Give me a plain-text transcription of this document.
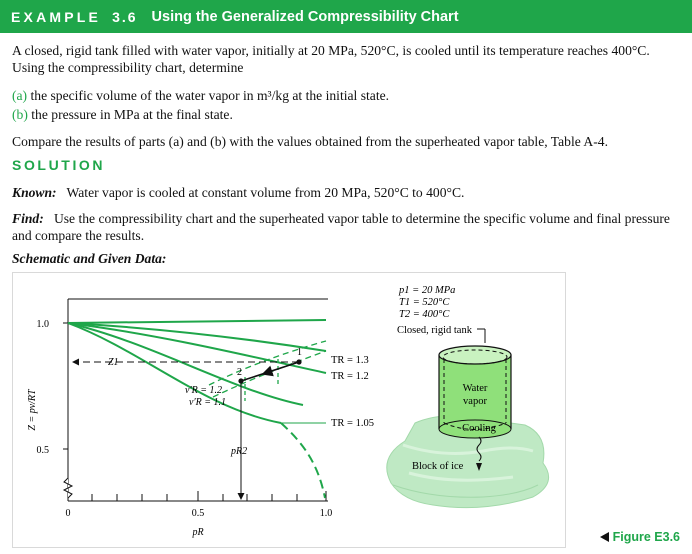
EXAMPLE 3.6 Using the Generalized Compressibility Chart
A closed, rigid tank filled with water vapor, initially at 20 MPa, 520°C, is cooled until its temperature reaches 400°C. Using the compressibility chart, determine
(a) the specific volume of the water vapor in m³/kg at the initial state.
(b) the pressure in MPa at the final state.
Compare the results of parts (a) and (b) with the values obtained from the superheated vapor table, Table A-4.
SOLUTION
Known: Water vapor is cooled at constant volume from 20 MPa, 520°C to 400°C.
Find: Use the compressibility chart and the superheated vapor table to determine the specific volume and final pressure and compare the results.
Schematic and Given Data:
1.0
0.5
0	0.5	1.0
pR
Z = pv/RT
Z1
v′R = 1.2
v′R = 1.1
pR2
1
2
TR = 1.3
TR = 1.2
TR = 1.05
p1 = 20 MPa
T1 = 520°C
T2 = 400°C
Closed, rigid tank
Water
vapor
Cooling
Block of ice
Figure E3.6
